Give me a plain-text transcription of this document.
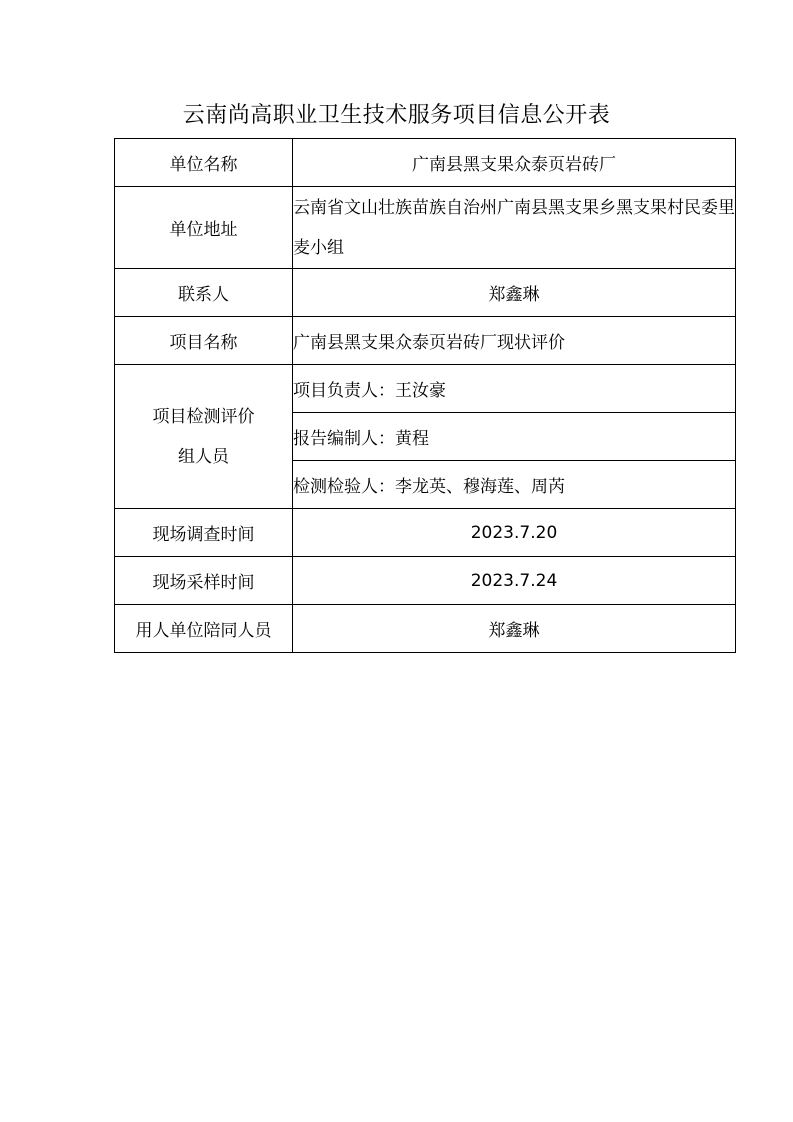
云南尚高职业卫生技术服务项目信息公开表
单位名称	广南县黑支果众泰页岩砖厂
单位地址	云南省文山壮族苗族自治州广南县黑支果乡黑支果村民委里麦小组
联系人	郑鑫琳
项目名称	广南县黑支果众泰页岩砖厂现状评价

项目检测评价
组人员	项目负责人：王汝豪
	报告编制人：黄程
	检测检验人：李龙英、穆海莲、周芮
现场调查时间	2023.7.20
现场采样时间	2023.7.24
用人单位陪同人员	郑鑫琳
